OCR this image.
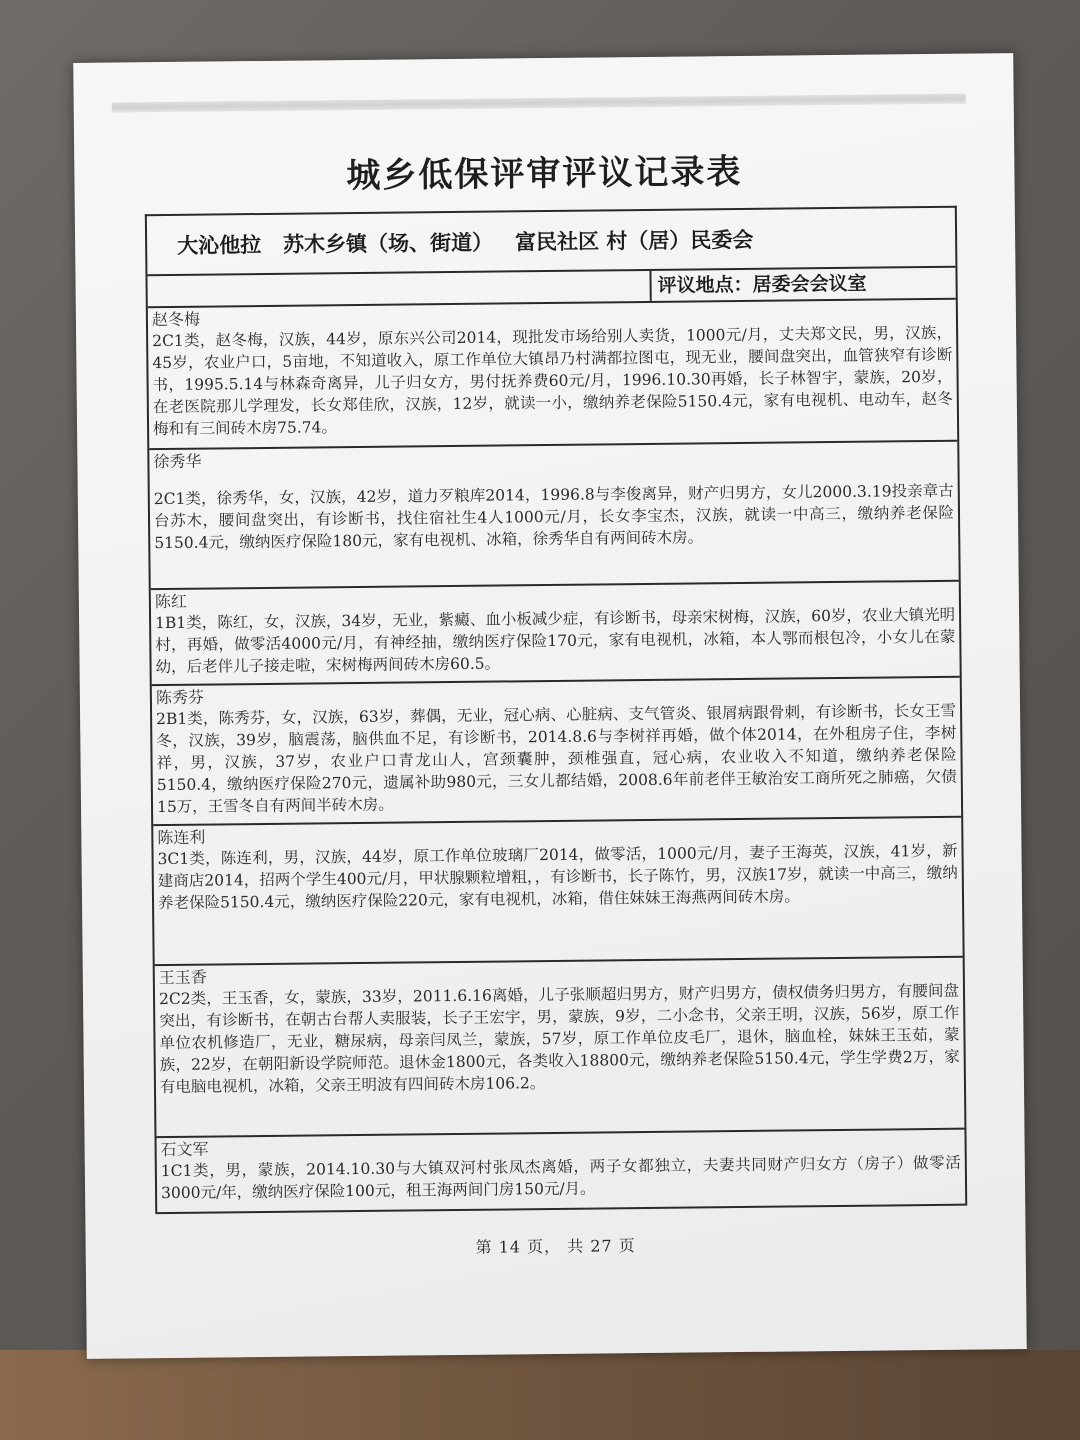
城乡低保评审评议记录表
大沁他拉   苏木乡镇（场、街道）   富民社区 村（居）民委会
评议地点：居委会会议室
赵冬梅
2C1类，赵冬梅，汉族，44岁，原东兴公司2014，现批发市场给别人卖货，1000元/月，丈夫郑文民，男，汉族，45岁，农业户口，5亩地，不知道收入，原工作单位大镇昂乃村满都拉图屯，现无业，腰间盘突出，血管狭窄有诊断书，1995.5.14与林森奇离异，儿子归女方，男付抚养费60元/月，1996.10.30再婚，长子林智宇，蒙族，20岁，在老医院那儿学理发，长女郑佳欣，汉族，12岁，就读一小，缴纳养老保险5150.4元，家有电视机、电动车，赵冬梅和有三间砖木房75.74。
徐秀华
2C1类，徐秀华，女，汉族，42岁，道力歹粮库2014，1996.8与李俊离异，财产归男方，女儿2000.3.19投亲章古台苏木，腰间盘突出，有诊断书，找住宿社生4人1000元/月，长女李宝杰，汉族，就读一中高三，缴纳养老保险5150.4元，缴纳医疗保险180元，家有电视机、冰箱，徐秀华自有两间砖木房。
陈红
1B1类，陈红，女，汉族，34岁，无业，紫癜、血小板减少症，有诊断书，母亲宋树梅，汉族，60岁，农业大镇光明村，再婚，做零活4000元/月，有神经抽，缴纳医疗保险170元，家有电视机，冰箱，本人鄂而根包冷，小女儿在蒙幼，后老伴儿子接走啦，宋树梅两间砖木房60.5。
陈秀芬
2B1类，陈秀芬，女，汉族，63岁，葬偶，无业，冠心病、心脏病、支气管炎、银屑病跟骨刺，有诊断书，长女王雪冬，汉族，39岁，脑震荡，脑供血不足，有诊断书，2014.8.6与李树祥再婚，做个体2014，在外租房子住，李树祥，男，汉族，37岁，农业户口青龙山人，宫颈囊肿，颈椎强直，冠心病，农业收入不知道，缴纳养老保险5150.4，缴纳医疗保险270元，遗属补助980元，三女儿都结婚，2008.6年前老伴王敏治安工商所死之肺癌，欠债15万，王雪冬自有两间半砖木房。
陈连利
3C1类，陈连利，男，汉族，44岁，原工作单位玻璃厂2014，做零活，1000元/月，妻子王海英，汉族，41岁，新建商店2014，招两个学生400元/月，甲状腺颗粒增粗，，有诊断书，长子陈竹，男，汉族17岁，就读一中高三，缴纳养老保险5150.4元，缴纳医疗保险220元，家有电视机，冰箱，借住妹妹王海燕两间砖木房。
王玉香
2C2类，王玉香，女，蒙族，33岁，2011.6.16离婚，儿子张顺超归男方，财产归男方，债权债务归男方，有腰间盘突出，有诊断书，在朝古台帮人卖服装，长子王宏宇，男，蒙族，9岁，二小念书，父亲王明，汉族，56岁，原工作单位农机修造厂，无业，糖尿病，母亲闫凤兰，蒙族，57岁，原工作单位皮毛厂，退休，脑血栓，妹妹王玉茹，蒙族，22岁，在朝阳新设学院师范。退休金1800元，各类收入18800元，缴纳养老保险5150.4元，学生学费2万，家有电脑电视机，冰箱，父亲王明波有四间砖木房106.2。
石文军
1C1类，男，蒙族，2014.10.30与大镇双河村张凤杰离婚，两子女都独立，夫妻共同财产归女方（房子）做零活3000元/年，缴纳医疗保险100元，租王海两间门房150元/月。
第 14 页， 共 27 页
